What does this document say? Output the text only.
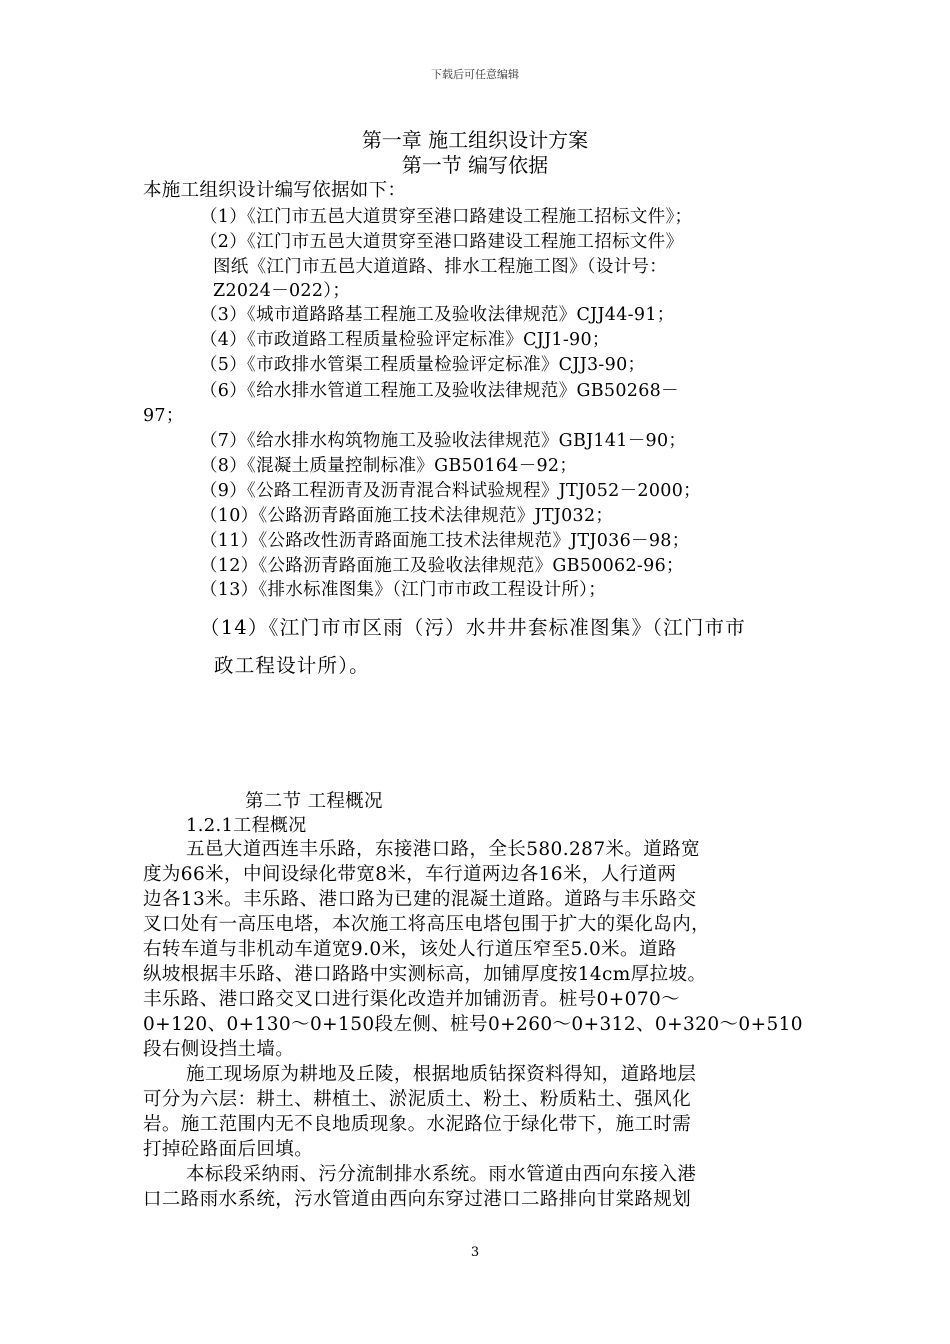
下载后可任意编辑
第一章 施工组织设计方案
第一节 编写依据
本施工组织设计编写依据如下：
（1）《江门市五邑大道贯穿至港口路建设工程施工招标文件》；
（2）《江门市五邑大道贯穿至港口路建设工程施工招标文件》
图纸《江门市五邑大道道路、排水工程施工图》（设计号：
Z2024－022）；
（3）《城市道路路基工程施工及验收法律规范》CJJ44-91；
（4）《市政道路工程质量检验评定标准》CJJ1-90；
（5）《市政排水管渠工程质量检验评定标准》CJJ3-90；
（6）《给水排水管道工程施工及验收法律规范》GB50268－
97；
（7）《给水排水构筑物施工及验收法律规范》GBJ141－90；
（8）《混凝土质量控制标准》GB50164－92；
（9）《公路工程沥青及沥青混合料试验规程》JTJ052－2000；
（10）《公路沥青路面施工技术法律规范》JTJ032；
（11）《公路改性沥青路面施工技术法律规范》JTJ036－98；
（12）《公路沥青路面施工及验收法律规范》GB50062-96；
（13）《排水标准图集》（江门市市政工程设计所）；
（14）《江门市市区雨（污）水井井套标准图集》（江门市市
政工程设计所）。
第二节 工程概况
1.2.1工程概况
五邑大道西连丰乐路，东接港口路，全长580.287米。道路宽
度为66米，中间设绿化带宽8米，车行道两边各16米，人行道两
边各13米。丰乐路、港口路为已建的混凝土道路。道路与丰乐路交
叉口处有一高压电塔，本次施工将高压电塔包围于扩大的渠化岛内，
右转车道与非机动车道宽9.0米，该处人行道压窄至5.0米。道路
纵坡根据丰乐路、港口路路中实测标高，加铺厚度按14cm厚拉坡。
丰乐路、港口路交叉口进行渠化改造并加铺沥青。桩号0+070～
0+120、0+130～0+150段左侧、桩号0+260～0+312、0+320～0+510
段右侧设挡土墙。
施工现场原为耕地及丘陵，根据地质钻探资料得知，道路地层
可分为六层：耕土、耕植土、淤泥质土、粉土、粉质粘土、强风化
岩。施工范围内无不良地质现象。水泥路位于绿化带下，施工时需
打掉砼路面后回填。
本标段采纳雨、污分流制排水系统。雨水管道由西向东接入港
口二路雨水系统，污水管道由西向东穿过港口二路排向甘棠路规划
3
